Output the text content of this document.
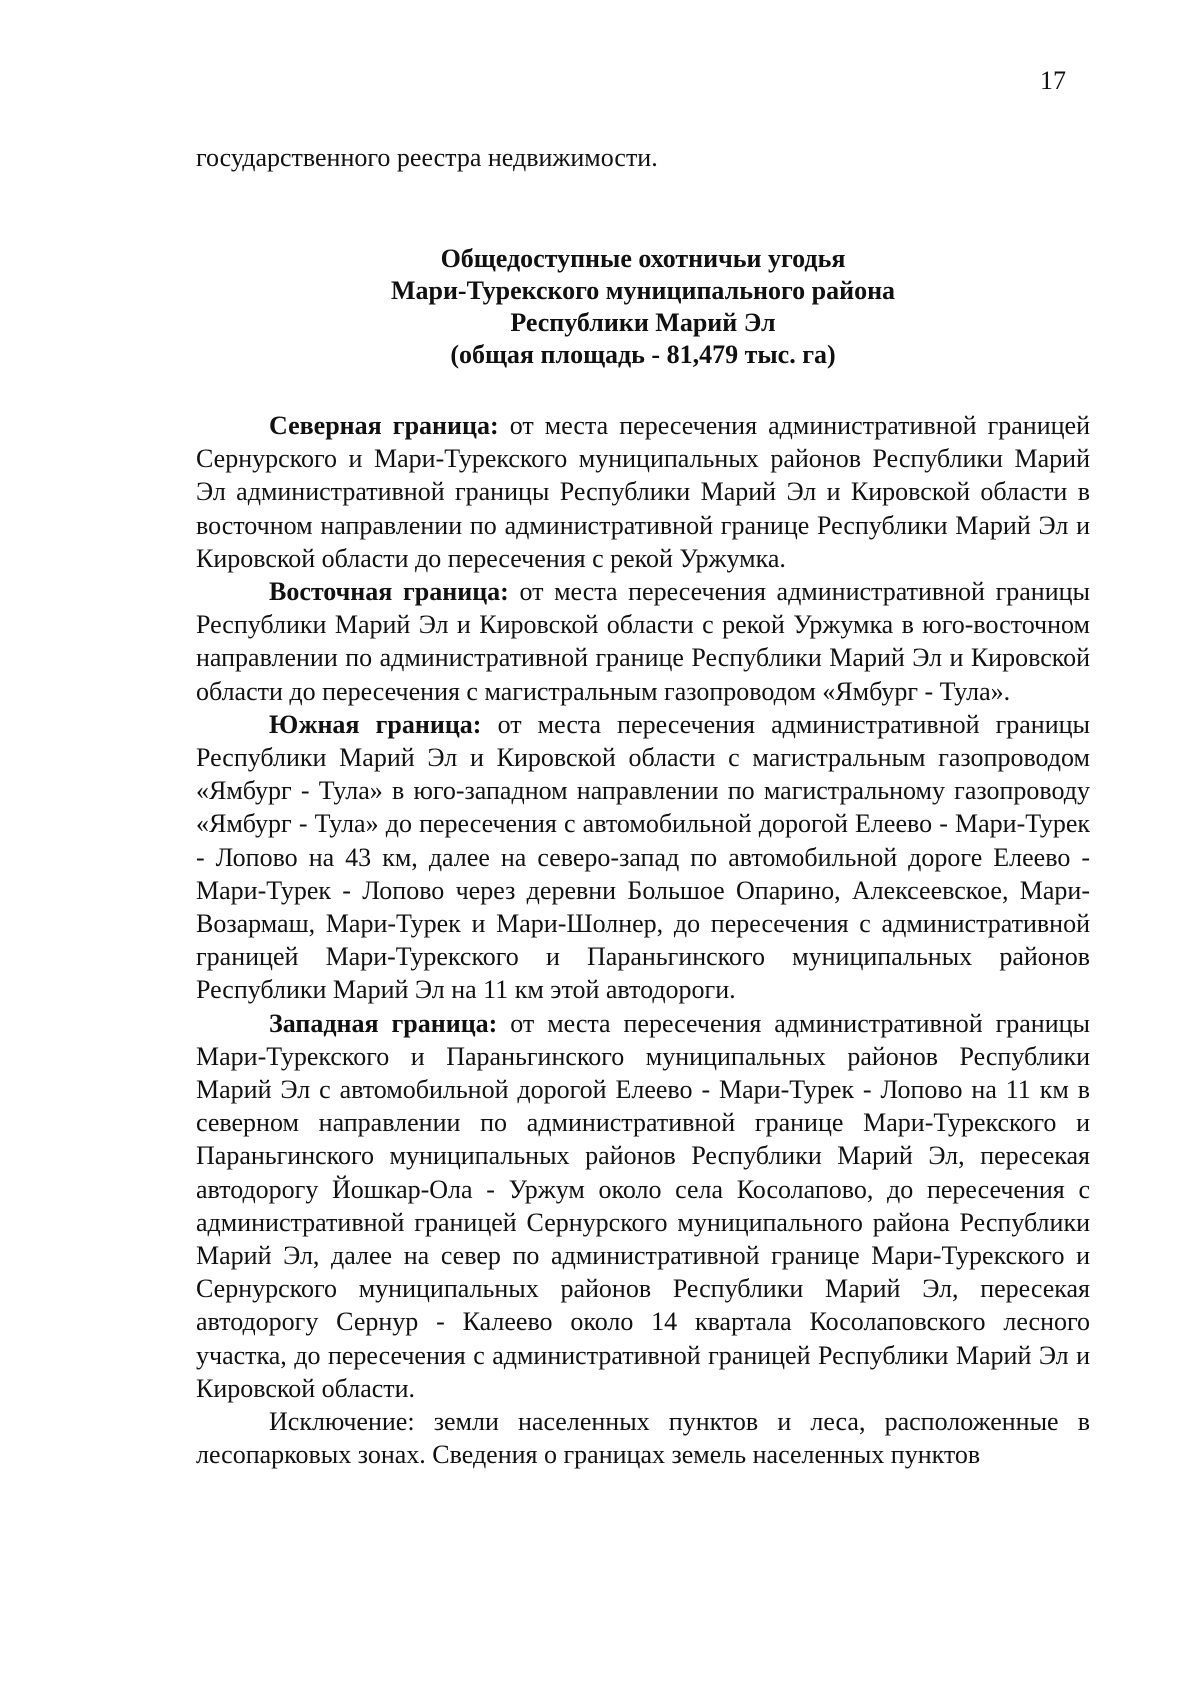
17
государственного реестра недвижимости.
Общедоступные охотничьи угодья
Мари-Турекского муниципального района
Республики Марий Эл
(общая площадь - 81,479 тыс. га)

Северная граница: от места пересечения административной границей Сернурского и Мари-Турекского муниципальных районов Республики Марий Эл административной границы Республики Марий Эл и Кировской области в восточном направлении по административной границе Республики Марий Эл и Кировской области до пересечения с рекой Уржумка.

Восточная граница: от места пересечения административной границы Республики Марий Эл и Кировской области с рекой Уржумка в юго-восточном направлении по административной границе Республики Марий Эл и Кировской области до пересечения с магистральным газопроводом «Ямбург - Тула».

Южная граница: от места пересечения административной границы Республики Марий Эл и Кировской области с магистральным газопроводом «Ямбург - Тула» в юго-западном направлении по магистральному газопроводу «Ямбург - Тула» до пересечения с автомобильной дорогой Елеево - Мари-Турек - Лопово на 43 км, далее на северо-запад по автомобильной дороге Елеево - Мари-Турек - Лопово через деревни Большое Опарино, Алексеевское, Мари-Возармаш, Мари-Турек и Мари-Шолнер, до пересечения с административной границей Мари-Турекского и Параньгинского муниципальных районов Республики Марий Эл на 11 км этой автодороги.

Западная граница: от места пересечения административной границы Мари-Турекского и Параньгинского муниципальных районов Республики Марий Эл с автомобильной дорогой Елеево - Мари-Турек - Лопово на 11 км в северном направлении по административной границе Мари-Турекского и Параньгинского муниципальных районов Республики Марий Эл, пересекая автодорогу Йошкар-Ола - Уржум около села Косолапово, до пересечения с административной границей Сернурского муниципального района Республики Марий Эл, далее на север по административной границе Мари-Турекского и Сернурского муниципальных районов Республики Марий Эл, пересекая автодорогу Сернур - Калеево около 14 квартала Косолаповского лесного участка, до пересечения с административной границей Республики Марий Эл и Кировской области.

Исключение: земли населенных пунктов и леса, расположенные в лесопарковых зонах. Сведения о границах земель населенных пунктов
